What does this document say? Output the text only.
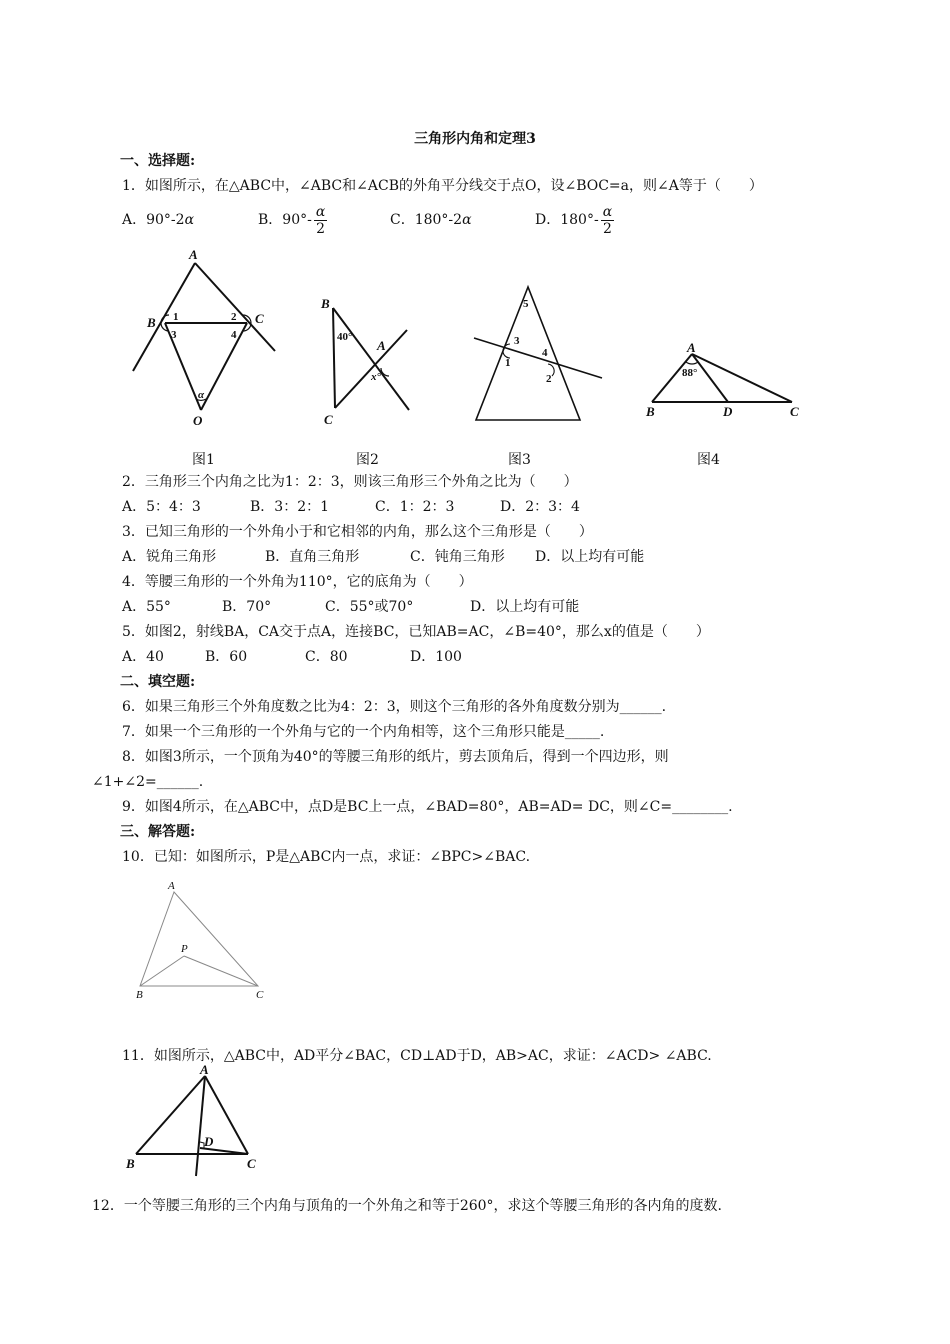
三角形内角和定理3
一、选择题:
1．如图所示，在△ABC中，∠ABC和∠ACB的外角平分线交于点O，设∠BOC=a，则∠A等于（　　）
A．90°-2α	B．$90^\circ- \frac{\alpha}{2}$	C．180°-2α	D．$180^\circ- \frac{\alpha}{2}$
A
B	C
O
1	2
3	4
α
B
C
A
40°
x°
5
3
1
4
2
A
B	D	C
88°
图1	图2	图3	图4
2．三角形三个内角之比为1：2：3，则该三角形三个外角之比为（　　）
A．5：4：3	B．3：2：1	C．1：2：3	D．2：3：4
3．已知三角形的一个外角小于和它相邻的内角，那么这个三角形是（　　）
A．锐角三角形	B．直角三角形	C．钝角三角形 D．以上均有可能
4．等腰三角形的一个外角为110°，它的底角为（　　）
A．55°	B．70°	C．55°或70°	D．以上均有可能
5．如图2，射线BA，CA交于点A，连接BC，已知AB=AC，∠B=40°，那么x的值是（　　）
A．40	B．60	C．80	D．100
二、填空题:
6．如果三角形三个外角度数之比为4：2：3，则这个三角形的各外角度数分别为______.
7．如果一个三角形的一个外角与它的一个内角相等，这个三角形只能是_____.
8．如图3所示，一个顶角为40°的等腰三角形的纸片，剪去顶角后，得到一个四边形，则
∠1+∠2=______.
9．如图4所示，在△ABC中，点D是BC上一点，∠BAD=80°，AB=AD= DC，则∠C=________.
三、解答题:
10．已知：如图所示，P是△ABC内一点，求证：∠BPC>∠BAC.
A
B	C
P
11．如图所示，△ABC中，AD平分∠BAC，CD⊥AD于D，AB>AC，求证：∠ACD> ∠ABC.
A
B	C
D
12．一个等腰三角形的三个内角与顶角的一个外角之和等于260°，求这个等腰三角形的各内角的度数.
